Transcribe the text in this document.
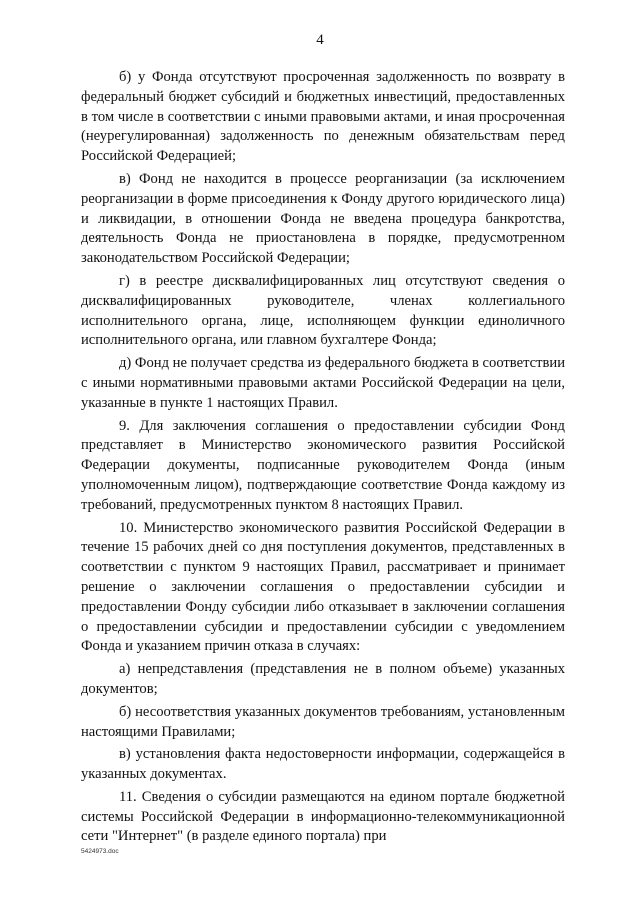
4

б) у Фонда отсутствуют просроченная задолженность по возврату в федеральный бюджет субсидий и бюджетных инвестиций, предоставленных в том числе в соответствии с иными правовыми актами, и иная просроченная (неурегулированная) задолженность по денежным обязательствам перед Российской Федерацией;

в) Фонд не находится в процессе реорганизации (за исключением реорганизации в форме присоединения к Фонду другого юридического лица) и ликвидации, в отношении Фонда не введена процедура банкротства, деятельность Фонда не приостановлена в порядке, предусмотренном законодательством Российской Федерации;

г) в реестре дисквалифицированных лиц отсутствуют сведения о дисквалифицированных руководителе, членах коллегиального исполнительного органа, лице, исполняющем функции единоличного исполнительного органа, или главном бухгалтере Фонда;

д) Фонд не получает средства из федерального бюджета в соответствии с иными нормативными правовыми актами Российской Федерации на цели, указанные в пункте 1 настоящих Правил.

9. Для заключения соглашения о предоставлении субсидии Фонд представляет в Министерство экономического развития Российской Федерации документы, подписанные руководителем Фонда (иным уполномоченным лицом), подтверждающие соответствие Фонда каждому из требований, предусмотренных пунктом 8 настоящих Правил.

10. Министерство экономического развития Российской Федерации в течение 15 рабочих дней со дня поступления документов, представленных в соответствии с пунктом 9 настоящих Правил, рассматривает и принимает решение о заключении соглашения о предоставлении субсидии и предоставлении Фонду субсидии либо отказывает в заключении соглашения о предоставлении субсидии и предоставлении субсидии с уведомлением Фонда и указанием причин отказа в случаях:

а) непредставления (представления не в полном объеме) указанных документов;

б) несоответствия указанных документов требованиям, установленным настоящими Правилами;

в) установления факта недостоверности информации, содержащейся в указанных документах.

11. Сведения о субсидии размещаются на едином портале бюджетной системы Российской Федерации в информационно-телекоммуникационной сети "Интернет" (в разделе единого портала) при

5424973.doc
